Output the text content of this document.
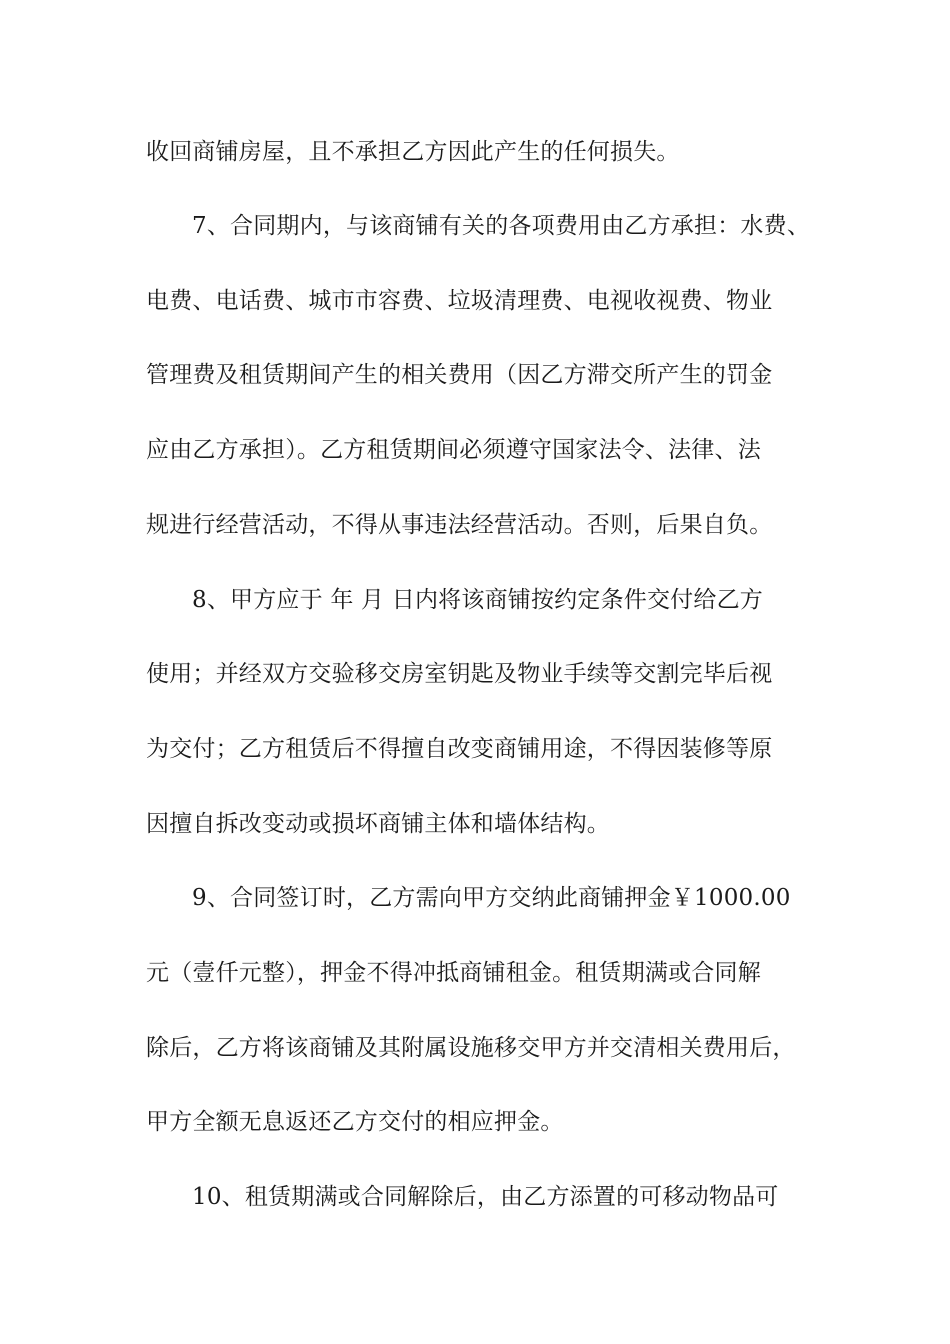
收回商铺房屋，且不承担乙方因此产生的任何损失。

7、合同期内，与该商铺有关的各项费用由乙方承担：水费、

电费、电话费、城市市容费、垃圾清理费、电视收视费、物业

管理费及租赁期间产生的相关费用（因乙方滞交所产生的罚金

应由乙方承担）。乙方租赁期间必须遵守国家法令、法律、法

规进行经营活动，不得从事违法经营活动。否则，后果自负。

8、甲方应于 年 月 日内将该商铺按约定条件交付给乙方

使用；并经双方交验移交房室钥匙及物业手续等交割完毕后视

为交付；乙方租赁后不得擅自改变商铺用途，不得因装修等原

因擅自拆改变动或损坏商铺主体和墙体结构。

9、合同签订时，乙方需向甲方交纳此商铺押金￥1000.00

元（壹仟元整），押金不得冲抵商铺租金。租赁期满或合同解

除后，乙方将该商铺及其附属设施移交甲方并交清相关费用后，

甲方全额无息返还乙方交付的相应押金。

10、租赁期满或合同解除后，由乙方添置的可移动物品可
